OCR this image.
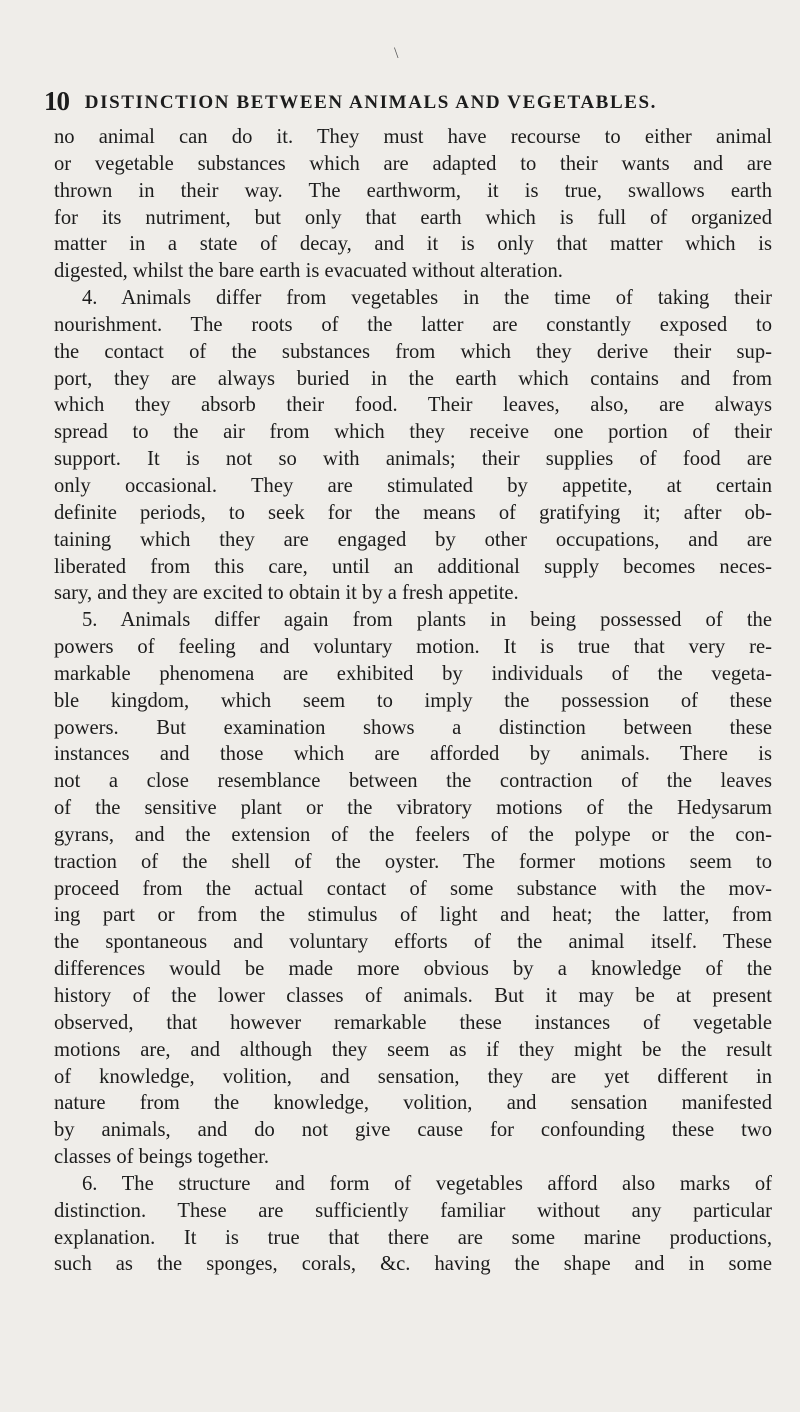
\
10 DISTINCTION BETWEEN ANIMALS AND VEGETABLES.
no animal can do it. They must have recourse to either animal
or vegetable substances which are adapted to their wants and are
thrown in their way. The earthworm, it is true, swallows earth
for its nutriment, but only that earth which is full of organized
matter in a state of decay, and it is only that matter which is
digested, whilst the bare earth is evacuated without alteration.
4. Animals differ from vegetables in the time of taking their
nourishment. The roots of the latter are constantly exposed to
the contact of the substances from which they derive their sup-
port, they are always buried in the earth which contains and from
which they absorb their food. Their leaves, also, are always
spread to the air from which they receive one portion of their
support. It is not so with animals; their supplies of food are
only occasional. They are stimulated by appetite, at certain
definite periods, to seek for the means of gratifying it; after ob-
taining which they are engaged by other occupations, and are
liberated from this care, until an additional supply becomes neces-
sary, and they are excited to obtain it by a fresh appetite.
5. Animals differ again from plants in being possessed of the
powers of feeling and voluntary motion. It is true that very re-
markable phenomena are exhibited by individuals of the vegeta-
ble kingdom, which seem to imply the possession of these
powers. But examination shows a distinction between these
instances and those which are afforded by animals. There is
not a close resemblance between the contraction of the leaves
of the sensitive plant or the vibratory motions of the Hedysarum
gyrans, and the extension of the feelers of the polype or the con-
traction of the shell of the oyster. The former motions seem to
proceed from the actual contact of some substance with the mov-
ing part or from the stimulus of light and heat; the latter, from
the spontaneous and voluntary efforts of the animal itself. These
differences would be made more obvious by a knowledge of the
history of the lower classes of animals. But it may be at present
observed, that however remarkable these instances of vegetable
motions are, and although they seem as if they might be the result
of knowledge, volition, and sensation, they are yet different in
nature from the knowledge, volition, and sensation manifested
by animals, and do not give cause for confounding these two
classes of beings together.
6. The structure and form of vegetables afford also marks of
distinction. These are sufficiently familiar without any particular
explanation. It is true that there are some marine productions,
such as the sponges, corals, &c. having the shape and in some
